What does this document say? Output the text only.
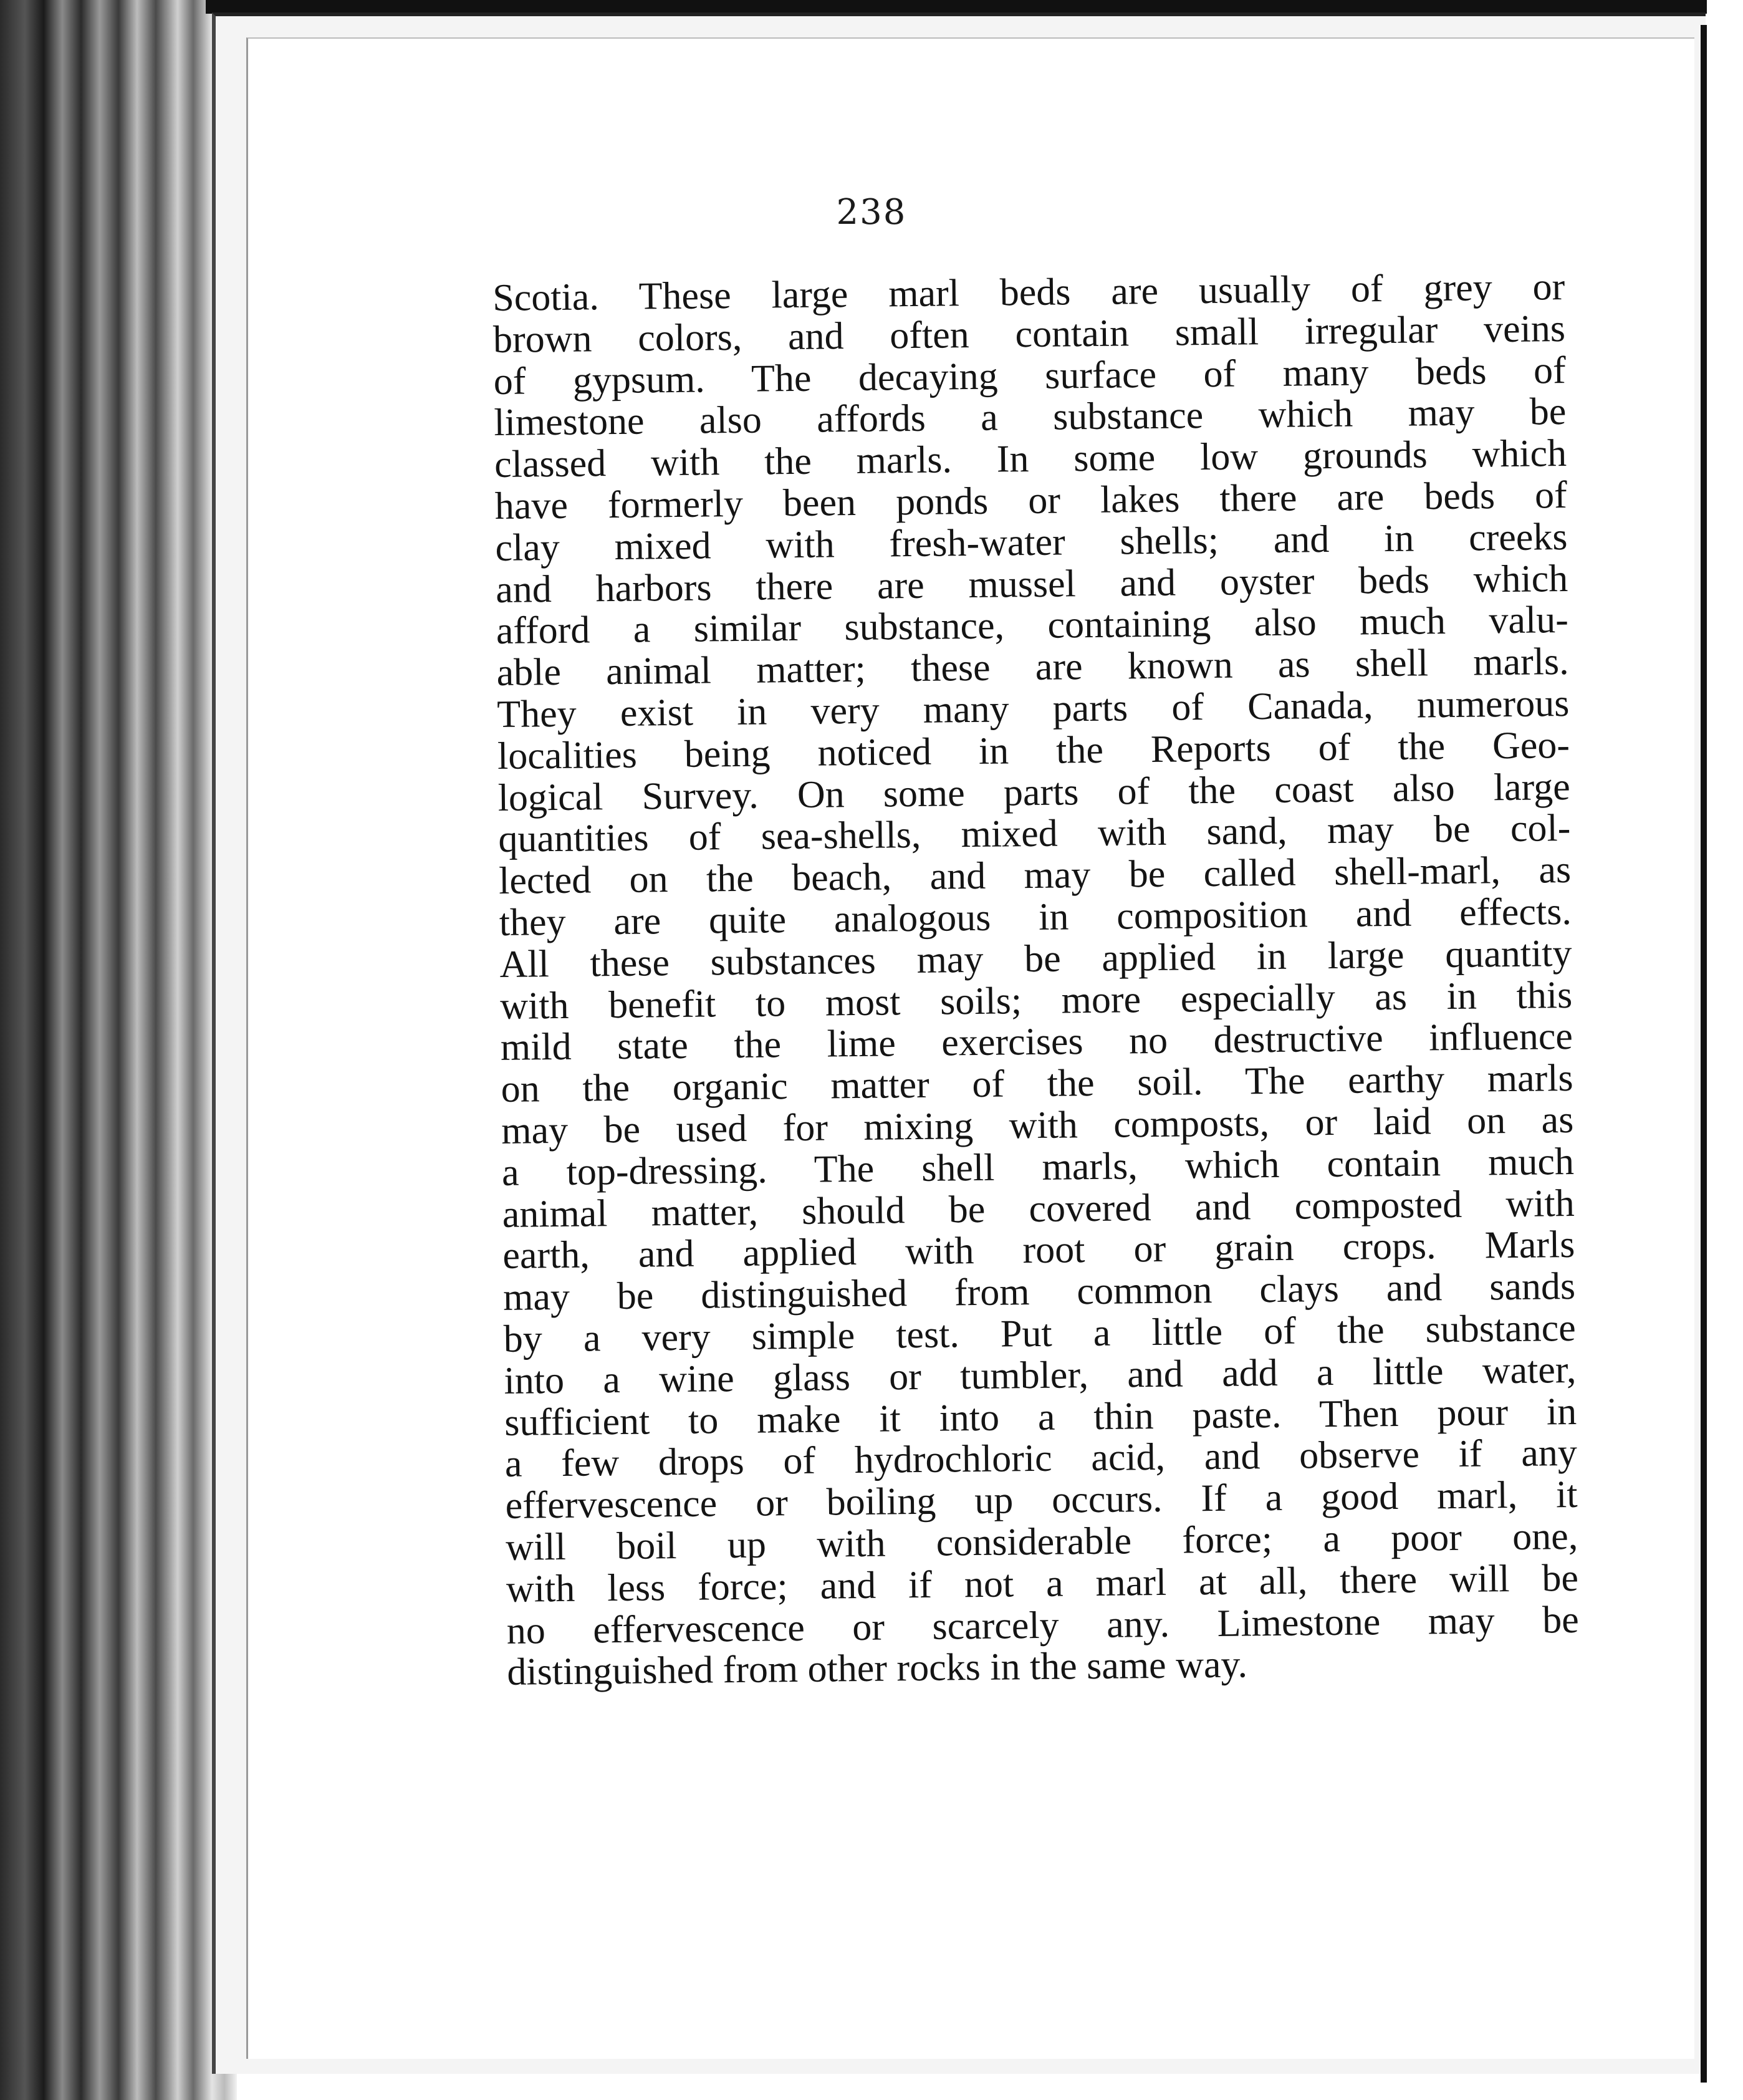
238
Scotia. These large marl beds are usually of grey or
brown colors, and often contain small irregular veins
of gypsum. The decaying surface of many beds of
limestone also affords a substance which may be
classed with the marls. In some low grounds which
have formerly been ponds or lakes there are beds of
clay mixed with fresh-water shells; and in creeks
and harbors there are mussel and oyster beds which
afford a similar substance, containing also much valu-
able animal matter; these are known as shell marls.
They exist in very many parts of Canada, numerous
localities being noticed in the Reports of the Geo-
logical Survey. On some parts of the coast also large
quantities of sea-shells, mixed with sand, may be col-
lected on the beach, and may be called shell-marl, as
they are quite analogous in composition and effects.
All these substances may be applied in large quantity
with benefit to most soils; more especially as in this
mild state the lime exercises no destructive influence
on the organic matter of the soil. The earthy marls
may be used for mixing with composts, or laid on as
a top-dressing. The shell marls, which contain much
animal matter, should be covered and composted with
earth, and applied with root or grain crops. Marls
may be distinguished from common clays and sands
by a very simple test. Put a little of the substance
into a wine glass or tumbler, and add a little water,
sufficient to make it into a thin paste. Then pour in
a few drops of hydrochloric acid, and observe if any
effervescence or boiling up occurs. If a good marl, it
will boil up with considerable force; a poor one,
with less force; and if not a marl at all, there will be
no effervescence or scarcely any. Limestone may be
distinguished from other rocks in the same way.
